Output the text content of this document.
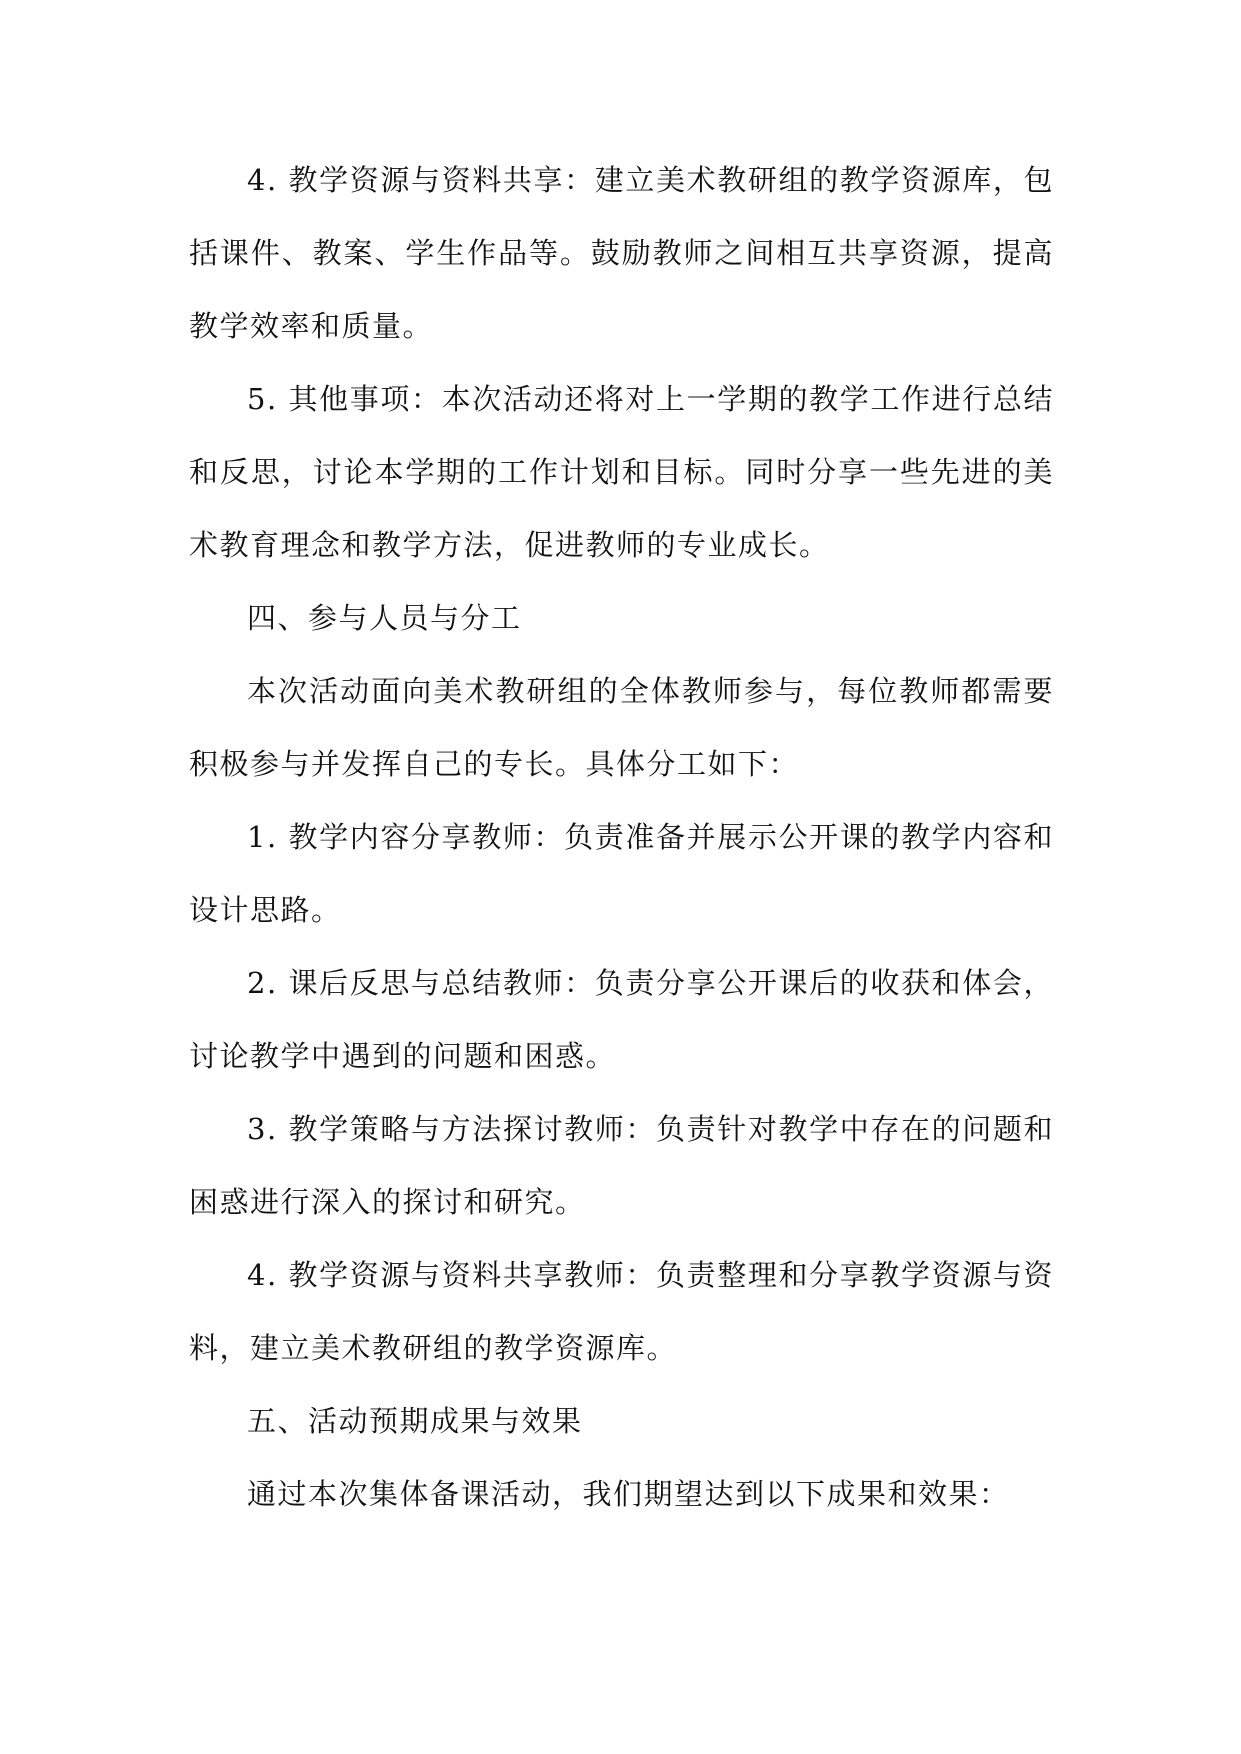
4. 教学资源与资料共享：建立美术教研组的教学资源库，包括课件、教案、学生作品等。鼓励教师之间相互共享资源，提高教学效率和质量。

5. 其他事项：本次活动还将对上一学期的教学工作进行总结和反思，讨论本学期的工作计划和目标。同时分享一些先进的美术教育理念和教学方法，促进教师的专业成长。

四、参与人员与分工

本次活动面向美术教研组的全体教师参与，每位教师都需要积极参与并发挥自己的专长。具体分工如下：

1. 教学内容分享教师：负责准备并展示公开课的教学内容和设计思路。

2. 课后反思与总结教师：负责分享公开课后的收获和体会，讨论教学中遇到的问题和困惑。

3. 教学策略与方法探讨教师：负责针对教学中存在的问题和困惑进行深入的探讨和研究。

4. 教学资源与资料共享教师：负责整理和分享教学资源与资料，建立美术教研组的教学资源库。

五、活动预期成果与效果

通过本次集体备课活动，我们期望达到以下成果和效果：
